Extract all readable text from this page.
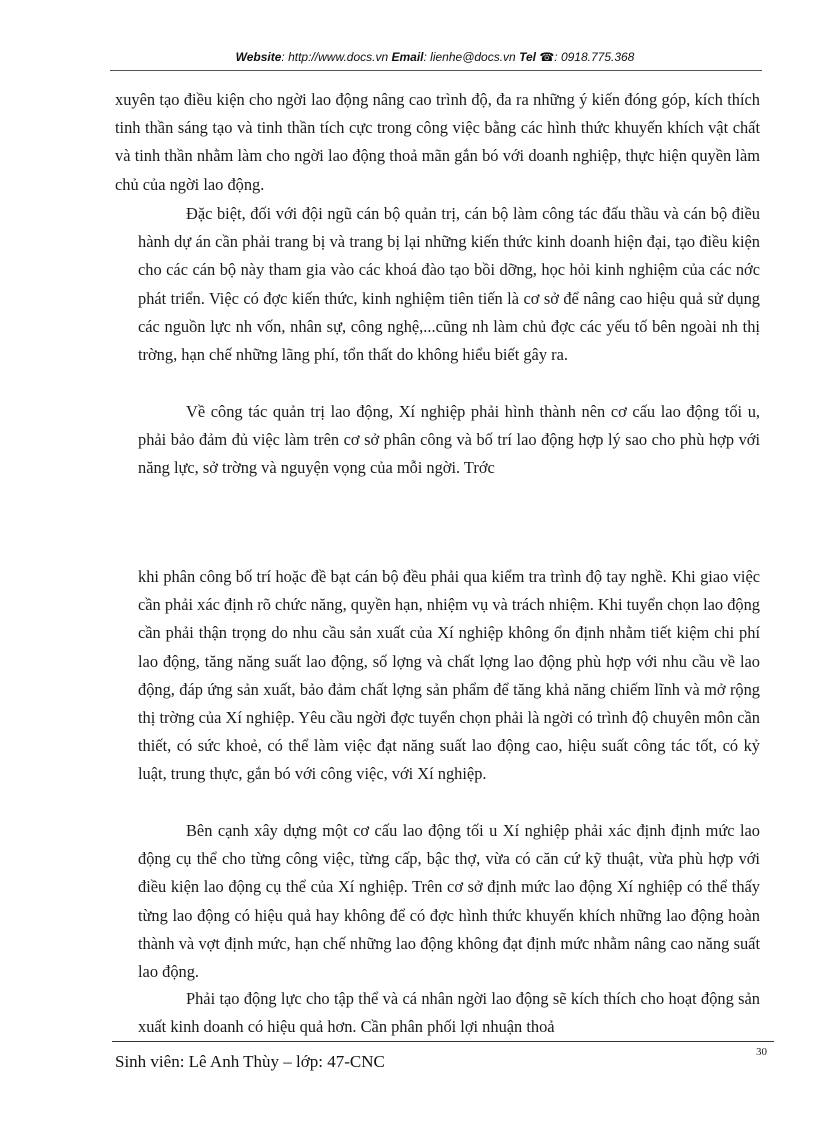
Website: http://www.docs.vn Email: lienhe@docs.vn Tel ☎: 0918.775.368

xuyên tạo điều kiện cho ngời lao động nâng cao trình độ, đa ra những ý kiến đóng góp, kích thích tinh thần sáng tạo và tinh thần tích cực trong công việc bằng các hình thức khuyến khích vật chất và tinh thần nhằm làm cho ngời lao động thoả mãn gắn bó với doanh nghiệp, thực hiện quyền làm chủ của ngời lao động.

Đặc biệt, đối với đội ngũ cán bộ quản trị, cán bộ làm công tác đấu thầu và cán bộ điều hành dự án cần phải trang bị và trang bị lại những kiến thức kinh doanh hiện đại, tạo điều kiện cho các cán bộ này tham gia vào các khoá đào tạo bồi dỡng, học hỏi kinh nghiệm của các nớc phát triển. Việc có đợc kiến thức, kinh nghiệm tiên tiến là cơ sở để nâng cao hiệu quả sử dụng các nguồn lực nh vốn, nhân sự, công nghệ,...cũng nh làm chủ đợc các yếu tố bên ngoài nh thị trờng, hạn chế những lãng phí, tổn thất do không hiểu biết gây ra.

Về công tác quản trị lao động, Xí nghiệp phải hình thành nên cơ cấu lao động tối u, phải bảo đảm đủ việc làm trên cơ sở phân công và bố trí lao động hợp lý sao cho phù hợp với năng lực, sở trờng và nguyện vọng của mỗi ngời. Trớc

khi phân công bố trí hoặc đề bạt cán bộ đều phải qua kiểm tra trình độ tay nghề. Khi giao việc cần phải xác định rõ chức năng, quyền hạn, nhiệm vụ và trách nhiệm. Khi tuyển chọn lao động cần phải thận trọng do nhu cầu sản xuất của Xí nghiệp không ổn định nhằm tiết kiệm chi phí lao động, tăng năng suất lao động, số lợng và chất lợng lao động phù hợp với nhu cầu về lao động, đáp ứng sản xuất, bảo đảm chất lợng sản phẩm để tăng khả năng chiếm lĩnh và mở rộng thị trờng của Xí nghiệp. Yêu cầu ngời đợc tuyển chọn phải là ngời có trình độ chuyên môn cần thiết, có sức khoẻ, có thể làm việc đạt năng suất lao động cao, hiệu suất công tác tốt, có kỷ luật, trung thực, gắn bó với công việc, với Xí nghiệp.

Bên cạnh xây dựng một cơ cấu lao động tối u Xí nghiệp phải xác định định mức lao động cụ thể cho từng công việc, từng cấp, bậc thợ, vừa có căn cứ kỹ thuật, vừa phù hợp với điều kiện lao động cụ thể của Xí nghiệp. Trên cơ sở định mức lao động Xí nghiệp có thể thấy từng lao động có hiệu quả hay không để có đợc hình thức khuyến khích những lao động hoàn thành và vợt định mức, hạn chế những lao động không đạt định mức nhằm nâng cao năng suất lao động.

Phải tạo động lực cho tập thể và cá nhân ngời lao động sẽ kích thích cho hoạt động sản xuất kinh doanh có hiệu quả hơn. Cần phân phối lợi nhuận thoả

30
Sinh viên: Lê Anh Thùy – lớp: 47-CNC
